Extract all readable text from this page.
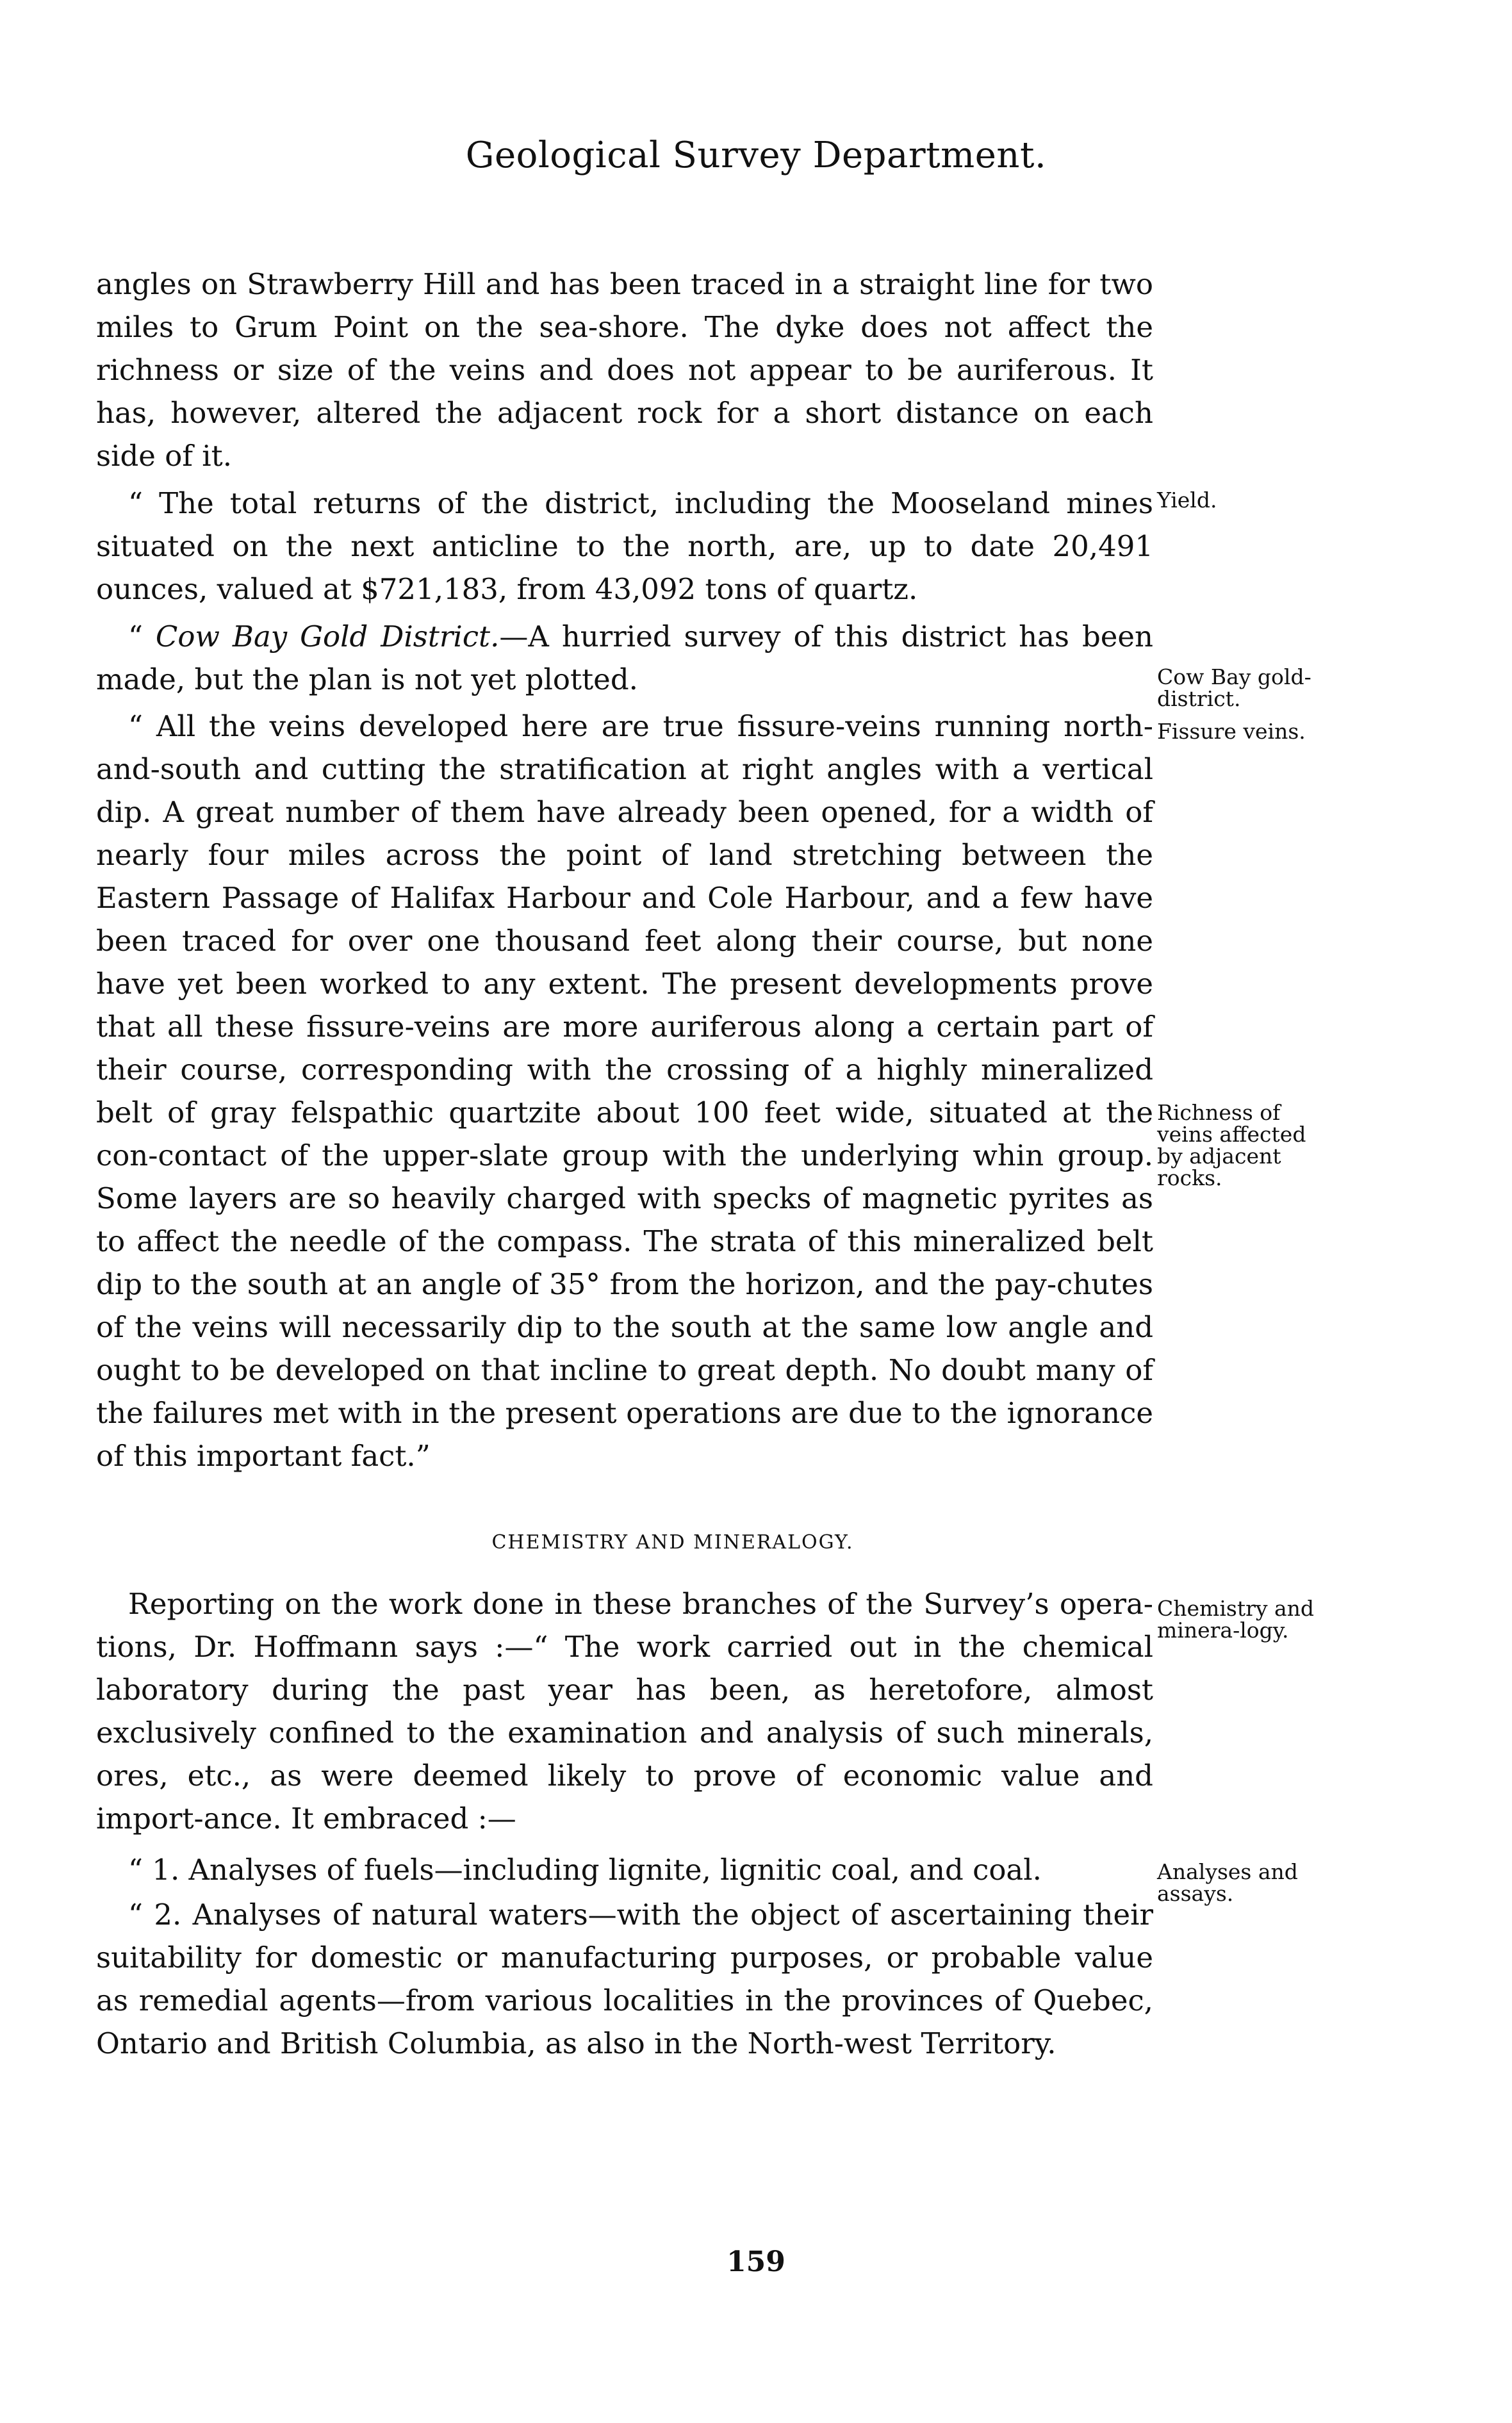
Geological Survey Department.

angles on Strawberry Hill and has been traced in a straight line for two miles to Grum Point on the sea-shore. The dyke does not affect the richness or size of the veins and does not appear to be auriferous. It has, however, altered the adjacent rock for a short distance on each side of it.

“ The total returns of the district, including the Mooseland mines situated on the next anticline to the north, are, up to date 20,491 ounces, valued at $721,183, from 43,092 tons of quartz.

“ Cow Bay Gold District.—A hurried survey of this district has been made, but the plan is not yet plotted.

“ All the veins developed here are true fissure-veins running north-and-south and cutting the stratification at right angles with a vertical dip. A great number of them have already been opened, for a width of nearly four miles across the point of land stretching between the Eastern Passage of Halifax Harbour and Cole Harbour, and a few have been traced for over one thousand feet along their course, but none have yet been worked to any extent. The present developments prove that all these fissure-veins are more auriferous along a certain part of their course, corresponding with the crossing of a highly mineralized belt of gray felspathic quartzite about 100 feet wide, situated at the con-contact of the upper-slate group with the underlying whin group. Some layers are so heavily charged with specks of magnetic pyrites as to affect the needle of the compass. The strata of this mineralized belt dip to the south at an angle of 35° from the horizon, and the pay-chutes of the veins will necessarily dip to the south at the same low angle and ought to be developed on that incline to great depth. No doubt many of the failures met with in the present operations are due to the ignorance of this important fact.”

CHEMISTRY AND MINERALOGY.

Reporting on the work done in these branches of the Survey’s opera-tions, Dr. Hoffmann says :—“ The work carried out in the chemical laboratory during the past year has been, as heretofore, almost exclusively confined to the examination and analysis of such minerals, ores, etc., as were deemed likely to prove of economic value and import-ance. It embraced :—

“ 1. Analyses of fuels—including lignite, lignitic coal, and coal.

“ 2. Analyses of natural waters—with the object of ascertaining their suitability for domestic or manufacturing purposes, or probable value as remedial agents—from various localities in the provinces of Quebec, Ontario and British Columbia, as also in the North-west Territory.

Yield.
Cow Bay gold-district.
Fissure veins.
Richness of veins affected by adjacent rocks.
Chemistry and minera-logy.
Analyses and assays.
159
